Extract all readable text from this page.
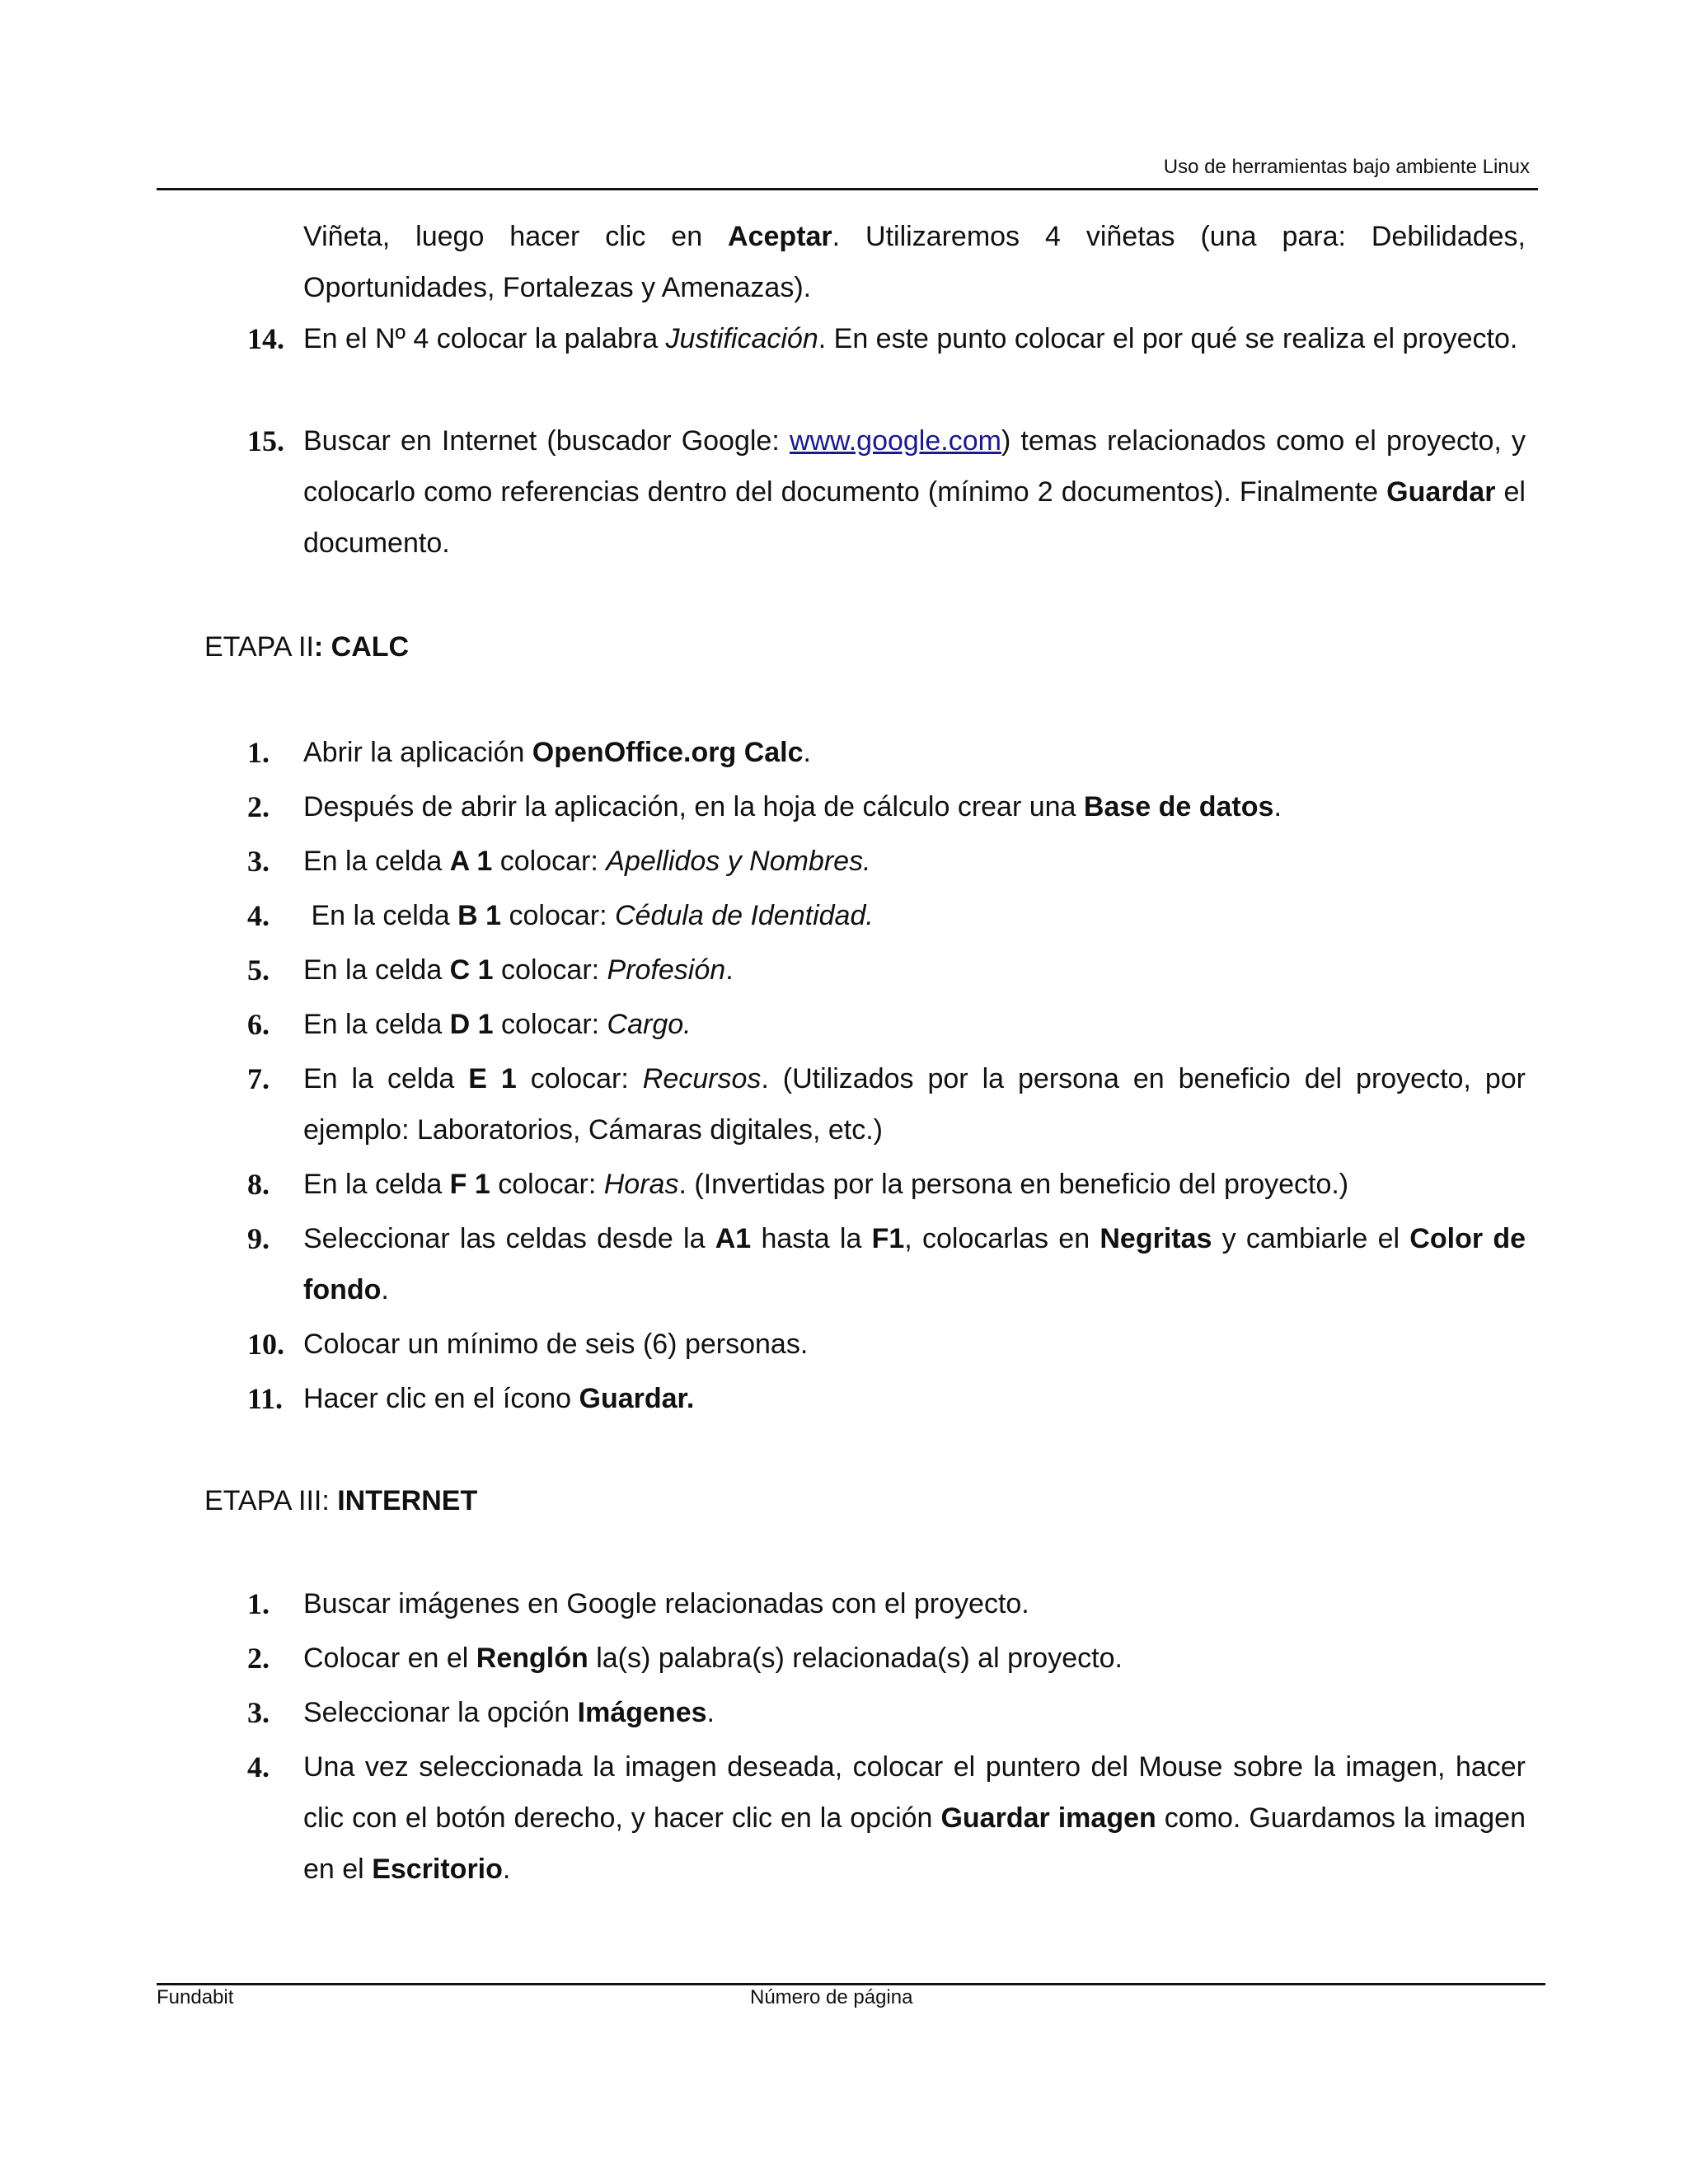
Uso de herramientas bajo ambiente Linux

Viñeta, luego hacer clic en Aceptar. Utilizaremos 4 viñetas (una para: Debilidades, Oportunidades, Fortalezas y Amenazas).

14. En el Nº 4 colocar la palabra Justificación. En este punto colocar el por qué se realiza el proyecto.
15. Buscar en Internet (buscador Google: www.google.com) temas relacionados como el proyecto, y colocarlo como referencias dentro del documento (mínimo 2 documentos). Finalmente Guardar el documento.
ETAPA II: CALC
1.	Abrir la aplicación OpenOffice.org Calc.
2.	Después de abrir la aplicación, en la hoja de cálculo crear una Base de datos.
3.	En la celda A 1 colocar: Apellidos y Nombres.
4.	En la celda B 1 colocar: Cédula de Identidad.
5.	En la celda C 1 colocar: Profesión.
6.	En la celda D 1 colocar: Cargo.
7.	En la celda E 1 colocar: Recursos. (Utilizados por la persona en beneficio del proyecto, por ejemplo: Laboratorios, Cámaras digitales, etc.)
8.	En la celda F 1 colocar: Horas. (Invertidas por la persona en beneficio del proyecto.)
9.	Seleccionar las celdas desde la A1 hasta la F1, colocarlas en Negritas y cambiarle el Color de fondo.
10. Colocar un mínimo de seis (6) personas.
11. Hacer clic en el ícono Guardar.
ETAPA III: INTERNET
1.	Buscar imágenes en Google relacionadas con el proyecto.
2.	Colocar en el Renglón la(s) palabra(s) relacionada(s) al proyecto.
3.	Seleccionar la opción Imágenes.
4.	Una vez seleccionada la imagen deseada, colocar el puntero del Mouse sobre la imagen, hacer clic con el botón derecho, y hacer clic en la opción Guardar imagen como. Guardamos la imagen en el Escritorio.
Fundabit	Número de página
